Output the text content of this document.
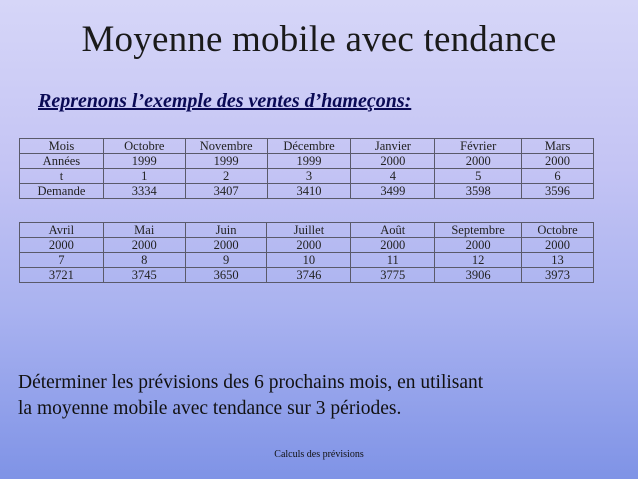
Moyenne mobile avec tendance
Reprenons l’exemple des ventes d’hameçons:
Mois	Octobre	Novembre	Décembre	Janvier	Février	Mars
Années	1999	1999	1999	2000	2000	2000
t	1	2	3	4	5	6
Demande	3334	3407	3410	3499	3598	3596
Avril	Mai	Juin	Juillet	Août	Septembre	Octobre
2000	2000	2000	2000	2000	2000	2000
7	8	9	10	11	12	13
3721	3745	3650	3746	3775	3906	3973
Déterminer les prévisions des 6 prochains mois, en utilisant
la moyenne mobile avec tendance sur 3 périodes.
Calculs des prévisions
